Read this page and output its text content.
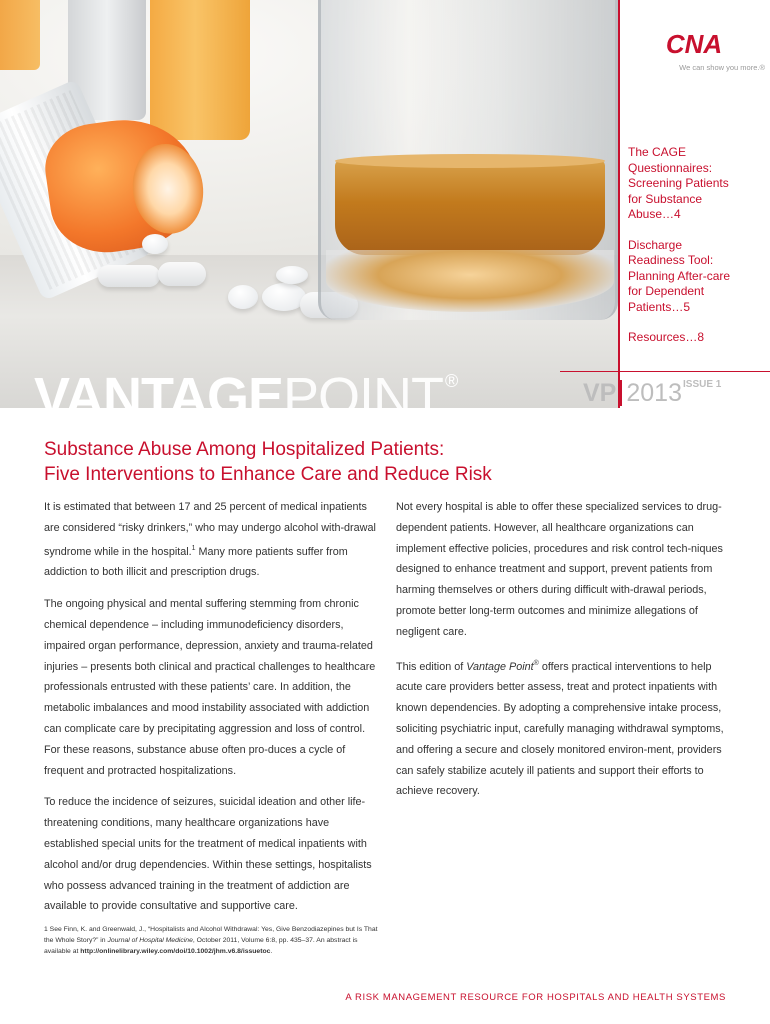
VANTAGEPOINT ®
CNA
We can show you more.®
The CAGE
Questionnaires:
Screening Patients
for Substance
Abuse…4
Discharge
Readiness Tool:
Planning After-care
for Dependent
Patients…5
Resources…8
VP 2013 ISSUE 1
Substance Abuse Among Hospitalized Patients:
Five Interventions to Enhance Care and Reduce Risk

It is estimated that between 17 and 25 percent of medical inpatients are considered “risky drinkers,” who may undergo alcohol with-drawal syndrome while in the hospital.$^1$ Many more patients suffer from addiction to both illicit and prescription drugs.

The ongoing physical and mental suffering stemming from chronic chemical dependence – including immunodeficiency disorders, impaired organ performance, depression, anxiety and trauma-related injuries – presents both clinical and practical challenges to healthcare professionals entrusted with these patients’ care. In addition, the metabolic imbalances and mood instability associated with addiction can complicate care by precipitating aggression and loss of control. For these reasons, substance abuse often pro-duces a cycle of frequent and protracted hospitalizations.

To reduce the incidence of seizures, suicidal ideation and other life-threatening conditions, many healthcare organizations have established special units for the treatment of medical inpatients with alcohol and/or drug dependencies. Within these settings, hospitalists who possess advanced training in the treatment of addiction are available to provide consultative and supportive care.

Not every hospital is able to offer these specialized services to drug-dependent patients. However, all healthcare organizations can implement effective policies, procedures and risk control tech-niques designed to enhance treatment and support, prevent patients from harming themselves or others during difficult with-drawal periods, promote better long-term outcomes and minimize allegations of negligent care.

This edition of Vantage Point® offers practical interventions to help acute care providers better assess, treat and protect inpatients with known dependencies. By adopting a comprehensive intake process, soliciting psychiatric input, carefully managing withdrawal symptoms, and offering a secure and closely monitored environ-ment, providers can safely stabilize acutely ill patients and support their efforts to achieve recovery.

1 See Finn, K. and Greenwald, J., “Hospitalists and Alcohol Withdrawal: Yes, Give Benzodiazepines but Is That the Whole Story?” in Journal of Hospital Medicine, October 2011, Volume 6:8, pp. 435–37. An abstract is available at http://onlinelibrary.wiley.com/doi/10.1002/jhm.v6.8/issuetoc.
A RISK MANAGEMENT RESOURCE FOR HOSPITALS AND HEALTH SYSTEMS
